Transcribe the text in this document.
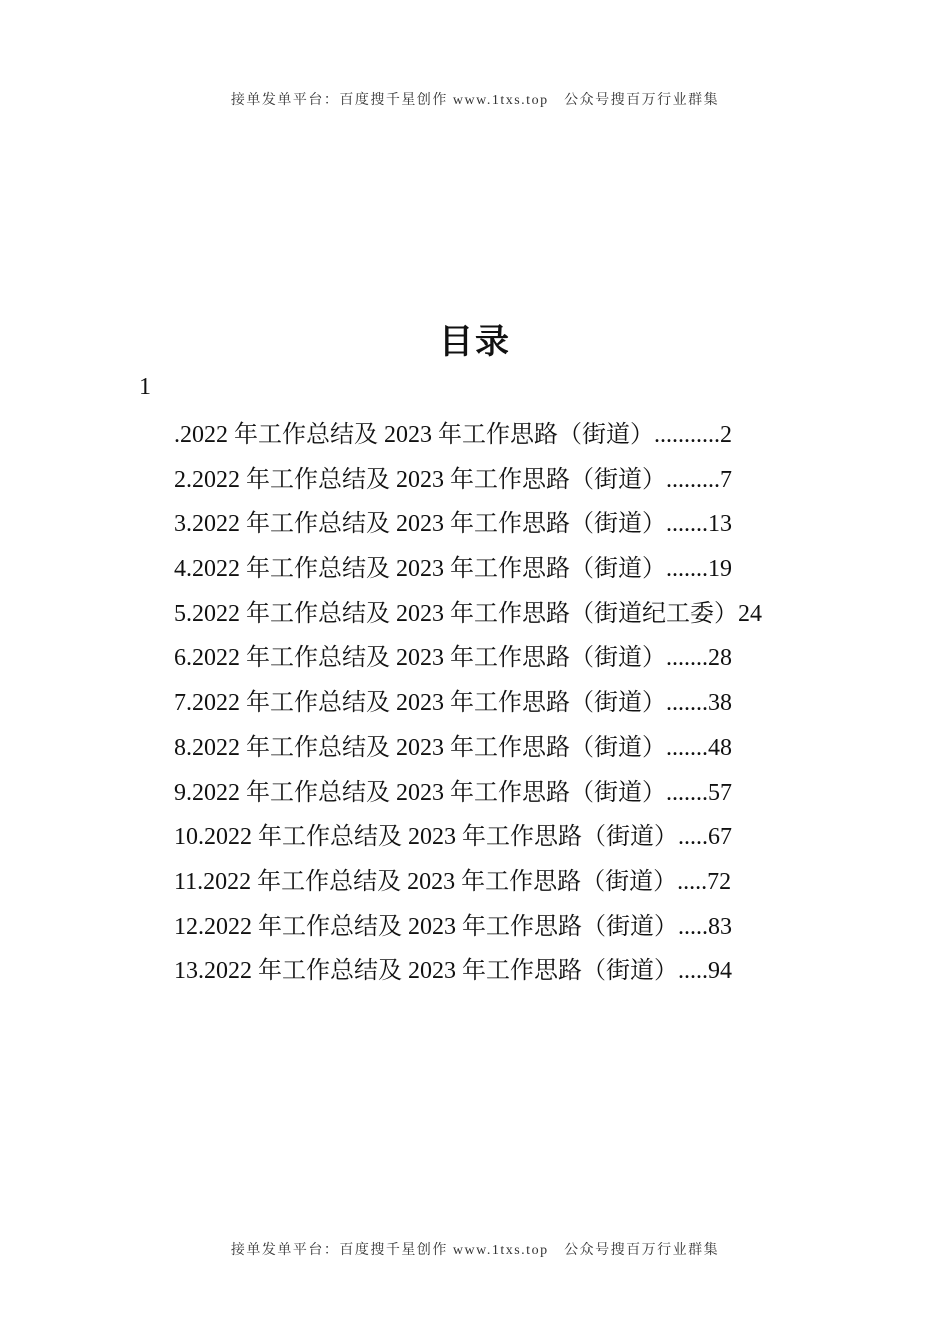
接单发单平台：百度搜千星创作 www.1txs.top　公众号搜百万行业群集
目录
1
.2022 年工作总结及 2023 年工作思路（街道）...........2
2.2022 年工作总结及 2023 年工作思路（街道）.........7
3.2022 年工作总结及 2023 年工作思路（街道）.......13
4.2022 年工作总结及 2023 年工作思路（街道）.......19
5.2022 年工作总结及 2023 年工作思路（街道纪工委）24
6.2022 年工作总结及 2023 年工作思路（街道）.......28
7.2022 年工作总结及 2023 年工作思路（街道）.......38
8.2022 年工作总结及 2023 年工作思路（街道）.......48
9.2022 年工作总结及 2023 年工作思路（街道）.......57
10.2022 年工作总结及 2023 年工作思路（街道）.....67
11.2022 年工作总结及 2023 年工作思路（街道）.....72
12.2022 年工作总结及 2023 年工作思路（街道）.....83
13.2022 年工作总结及 2023 年工作思路（街道）.....94
接单发单平台：百度搜千星创作 www.1txs.top　公众号搜百万行业群集
